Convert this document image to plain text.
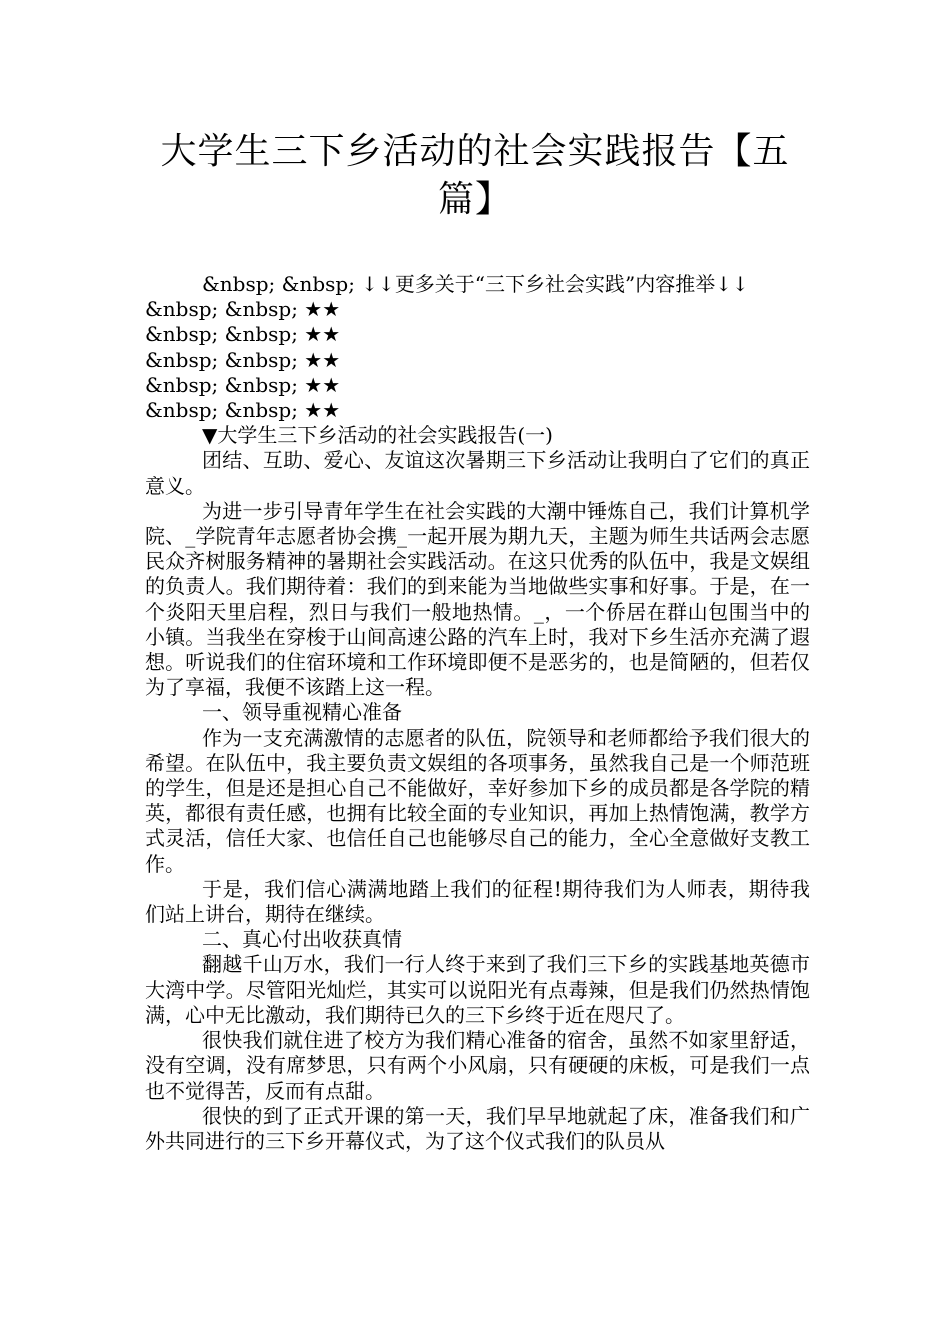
大学生三下乡活动的社会实践报告【五篇】

&nbsp; &nbsp; ↓↓更多关于“三下乡社会实践”内容推举↓↓

&nbsp; &nbsp; ★★

&nbsp; &nbsp; ★★

&nbsp; &nbsp; ★★

&nbsp; &nbsp; ★★

&nbsp; &nbsp; ★★

▼大学生三下乡活动的社会实践报告(一)

团结、互助、爱心、友谊这次暑期三下乡活动让我明白了它们的真正意义。

为进一步引导青年学生在社会实践的大潮中锤炼自己，我们计算机学院、_学院青年志愿者协会携_一起开展为期九天，主题为师生共话两会志愿民众齐树服务精神的暑期社会实践活动。在这只优秀的队伍中，我是文娱组的负责人。我们期待着：我们的到来能为当地做些实事和好事。于是，在一个炎阳天里启程，烈日与我们一般地热情。_，一个侨居在群山包围当中的小镇。当我坐在穿梭于山间高速公路的汽车上时，我对下乡生活亦充满了遐想。听说我们的住宿环境和工作环境即便不是恶劣的，也是简陋的，但若仅为了享福，我便不该踏上这一程。

一、领导重视精心准备

作为一支充满激情的志愿者的队伍，院领导和老师都给予我们很大的希望。在队伍中，我主要负责文娱组的各项事务，虽然我自己是一个师范班的学生，但是还是担心自己不能做好，幸好参加下乡的成员都是各学院的精英，都很有责任感，也拥有比较全面的专业知识，再加上热情饱满，教学方式灵活，信任大家、也信任自己也能够尽自己的能力，全心全意做好支教工作。

于是，我们信心满满地踏上我们的征程!期待我们为人师表，期待我们站上讲台，期待在继续。

二、真心付出收获真情

翻越千山万水，我们一行人终于来到了我们三下乡的实践基地英德市大湾中学。尽管阳光灿烂，其实可以说阳光有点毒辣，但是我们仍然热情饱满，心中无比激动，我们期待已久的三下乡终于近在咫尺了。

很快我们就住进了校方为我们精心准备的宿舍，虽然不如家里舒适，没有空调，没有席梦思，只有两个小风扇，只有硬硬的床板，可是我们一点也不觉得苦，反而有点甜。

很快的到了正式开课的第一天，我们早早地就起了床，准备我们和广外共同进行的三下乡开幕仪式，为了这个仪式我们的队员从
